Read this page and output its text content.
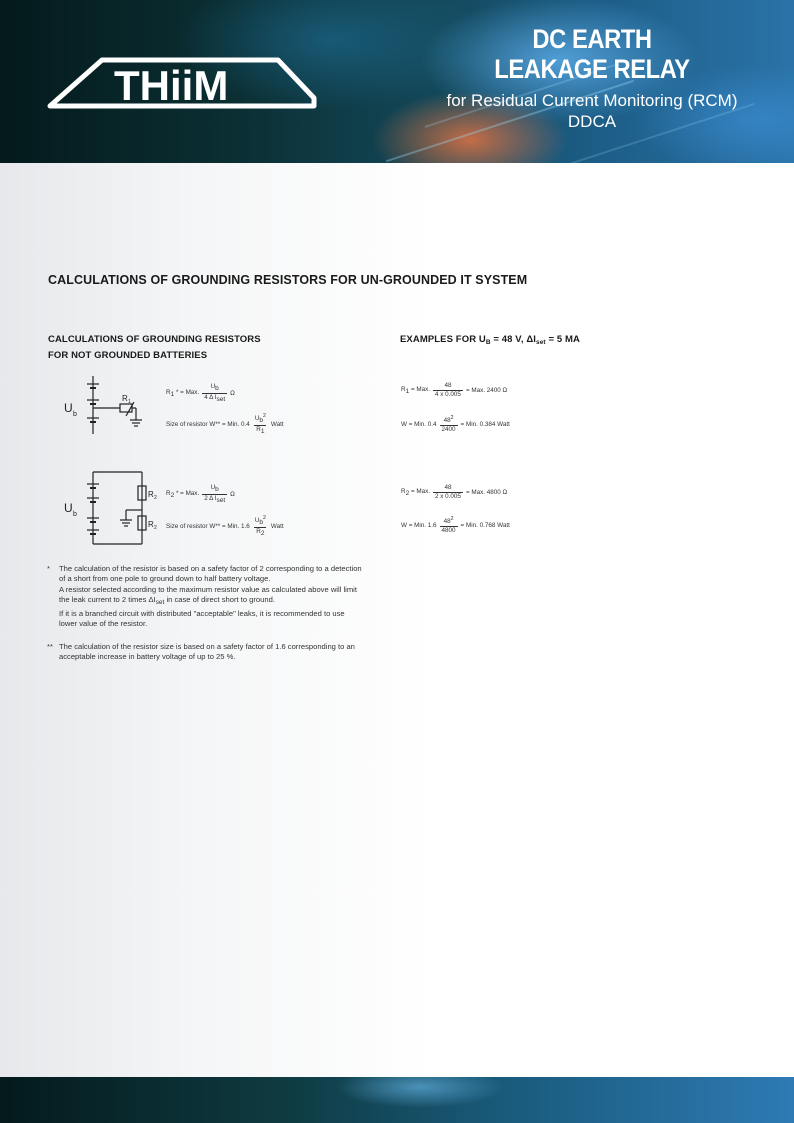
THiiM
DC EARTH
LEAKAGE RELAY
for Residual Current Monitoring (RCM)
DDCA
CALCULATIONS OF GROUNDING RESISTORS FOR UN-GROUNDED IT SYSTEM
CALCULATIONS OF GROUNDING RESISTORS
FOR NOT GROUNDED BATTERIES
EXAMPLES FOR $U_B = 48$ V, $\Delta I_{set} = 5$ MA
U b
R 1
R1 * = Max. $\frac{Ub}{\text{4 Δ Iset}}$ Ω
Size of resistor W** = Min. $0.4 \frac{Ub^2}{R1}$ Watt
R1 = Max. $\frac{48}{4 x 0.005}$ = Max. 2400 Ω
W = Min. $0.4 \frac{48^2}{2400}$ = Min. 0.384 Watt
U b
R 2
R 2
R2 * = Max. $\frac{Ub}{\text{2 Δ Iset}}$ Ω
Size of resistor W** = Min. $1.6 \frac{Ub^2}{R2}$ Watt
R2 = Max. $\frac{48}{2 x 0.005}$ = Max. 4800 Ω
W = Min. $1.6 \frac{48^2}{4800}$ = Min. 0.768 Watt
* The calculation of the resistor is based on a safety factor of 2 corresponding to a detection
of a short from one pole to ground down to half battery voltage.
A resistor selected according to the maximum resistor value as calculated above will limit
the leak current to 2 times ΔIset in case of direct short to ground.
If it is a branched circuit with distributed "acceptable" leaks, it is recommended to use
lower value of the resistor.
** The calculation of the resistor size is based on a safety factor of 1.6 corresponding to an
acceptable increase in battery voltage of up to 25 %.
